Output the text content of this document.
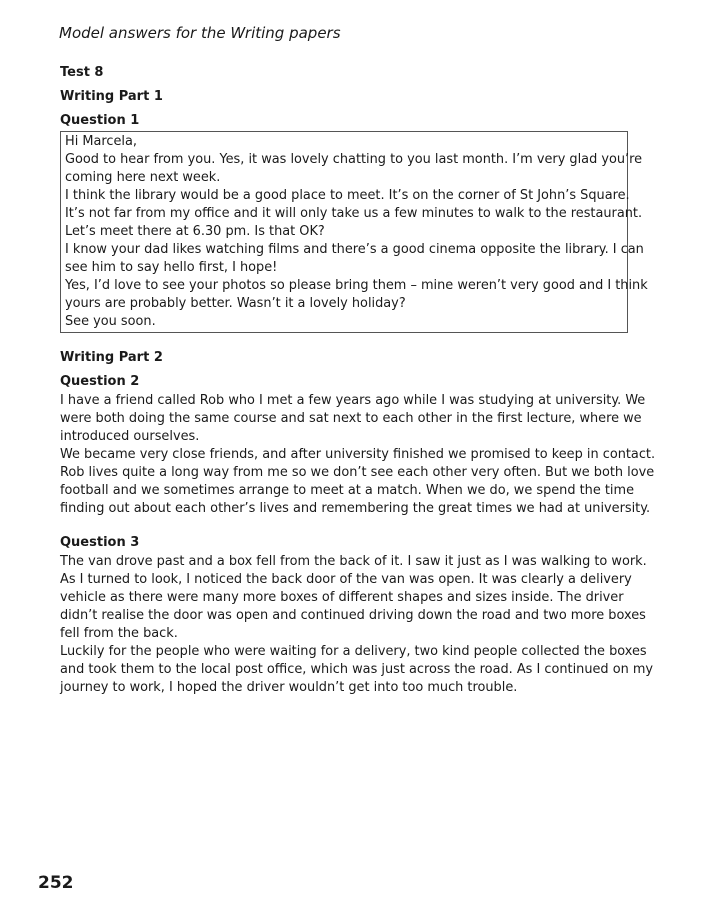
Model answers for the Writing papers

Test 8

Writing Part 1

Question 1

Hi Marcela,

Good to hear from you. Yes, it was lovely chatting to you last month. I’m very glad you’re

coming here next week.

I think the library would be a good place to meet. It’s on the corner of St John’s Square.

It’s not far from my office and it will only take us a few minutes to walk to the restaurant.

Let’s meet there at 6.30 pm. Is that OK?

I know your dad likes watching films and there’s a good cinema opposite the library. I can

see him to say hello first, I hope!

Yes, I’d love to see your photos so please bring them – mine weren’t very good and I think

yours are probably better. Wasn’t it a lovely holiday?

See you soon.

Writing Part 2

Question 2

I have a friend called Rob who I met a few years ago while I was studying at university. We

were both doing the same course and sat next to each other in the first lecture, where we

introduced ourselves.

We became very close friends, and after university finished we promised to keep in contact.

Rob lives quite a long way from me so we don’t see each other very often. But we both love

football and we sometimes arrange to meet at a match. When we do, we spend the time

finding out about each other’s lives and remembering the great times we had at university.

Question 3

The van drove past and a box fell from the back of it. I saw it just as I was walking to work.

As I turned to look, I noticed the back door of the van was open. It was clearly a delivery

vehicle as there were many more boxes of different shapes and sizes inside. The driver

didn’t realise the door was open and continued driving down the road and two more boxes

fell from the back.

Luckily for the people who were waiting for a delivery, two kind people collected the boxes

and took them to the local post office, which was just across the road. As I continued on my

journey to work, I hoped the driver wouldn’t get into too much trouble.

252
